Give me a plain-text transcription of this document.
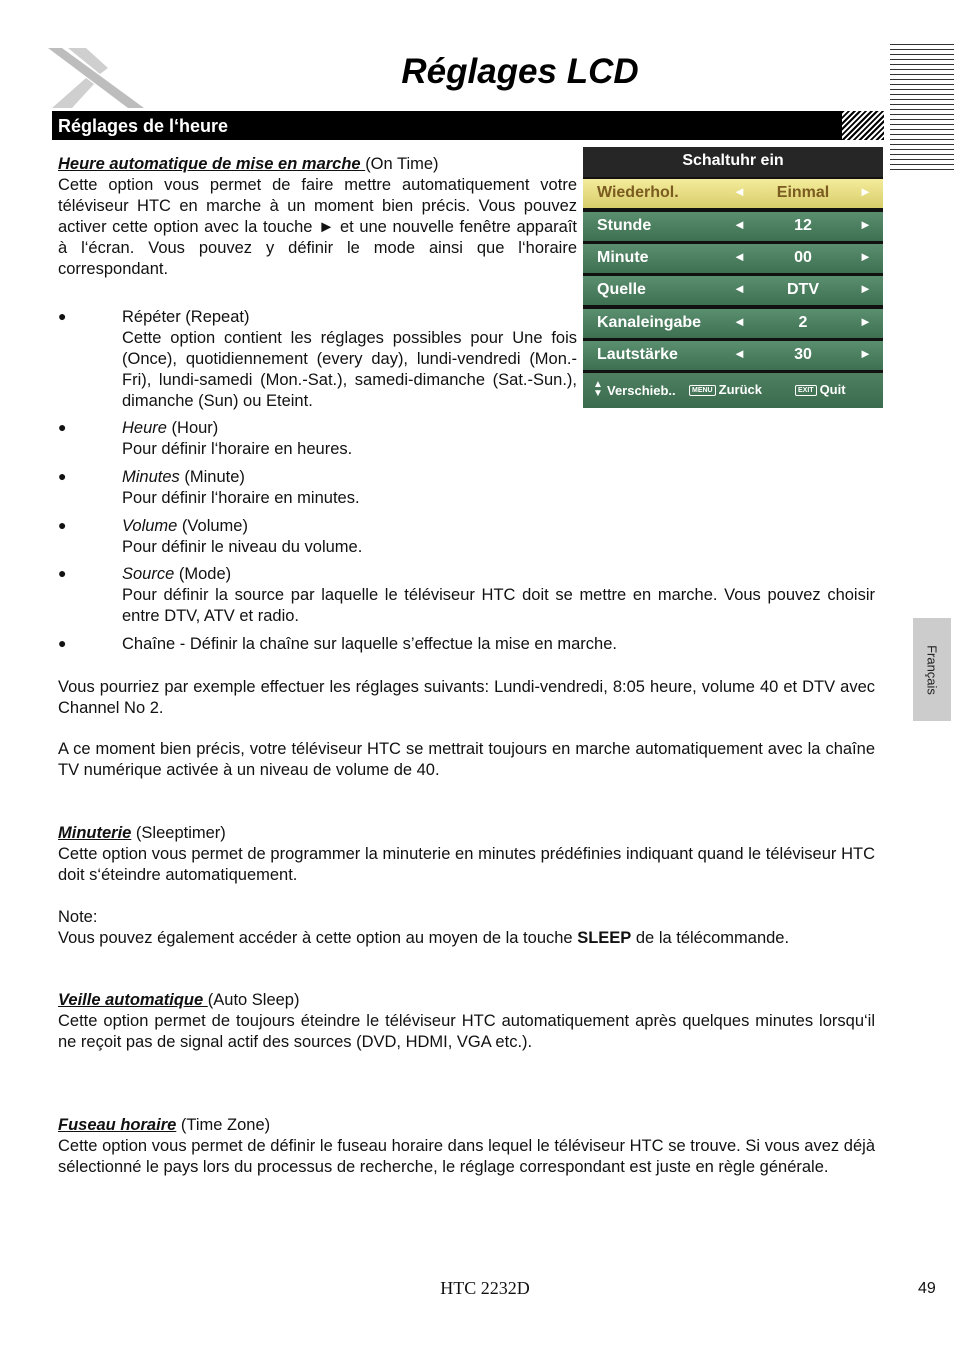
Réglages LCD
Réglages de l‘heure
Heure automatique de mise en marche (On Time)
Cette option vous permet de faire mettre automatiquement votre téléviseur HTC en marche à un moment bien précis. Vous pouvez activer cette option avec la touche ► et une nouvelle fenêtre apparaît à l‘écran. Vous pouvez y définir le mode ainsi que l‘horaire correspondant.
Schaltuhr ein
Wiederhol.	◄	Einmal	►
Stunde	◄	12	►
Minute	◄	00	►
Quelle	◄	DTV	►
Kanaleingabe ◄	2	►
Lautstärke	◄	30	►
▲
▼ Verschieb..	MENU Zurück	EXIT Quit
●	Répéter (Repeat)
Cette option contient les réglages possibles pour Une fois (Once), quotidiennement (every day), lundi-vendredi (Mon.-Fri), lundi-samedi (Mon.-Sat.), samedi-dimanche (Sat.-Sun.), dimanche (Sun) ou Eteint.
●	Heure (Hour)
Pour définir l‘horaire en heures.
●	Minutes (Minute)
Pour définir l‘horaire en minutes.
●	Volume (Volume)
Pour définir le niveau du volume.
●	Source (Mode)
Pour définir la source par laquelle le téléviseur HTC doit se mettre en marche. Vous pouvez choisir entre DTV, ATV et radio.
●	Chaîne - Définir la chaîne sur laquelle s’effectue la mise en marche.
Vous pourriez par exemple effectuer les réglages suivants: Lundi-vendredi, 8:05 heure, volume 40 et DTV avec Channel No 2.
A ce moment bien précis, votre téléviseur HTC se mettrait toujours en marche automatiquement avec la chaîne TV numérique activée à un niveau de volume de 40.
Minuterie (Sleeptimer)
Cette option vous permet de programmer la minuterie en minutes prédéfinies indiquant quand le téléviseur HTC doit s‘éteindre automatiquement.
Note:
Vous pouvez également accéder à cette option au moyen de la touche SLEEP de la télécommande.
Veille automatique (Auto Sleep)
Cette option permet de toujours éteindre le téléviseur HTC automatiquement après quelques minutes lorsqu‘il ne reçoit pas de signal actif des sources (DVD, HDMI, VGA etc.).
Fuseau horaire (Time Zone)
Cette option vous permet de définir le fuseau horaire dans lequel le téléviseur HTC se trouve. Si vous avez déjà sélectionné le pays lors du processus de recherche, le réglage correspondant est juste en règle générale.
Français
HTC 2232D	49
